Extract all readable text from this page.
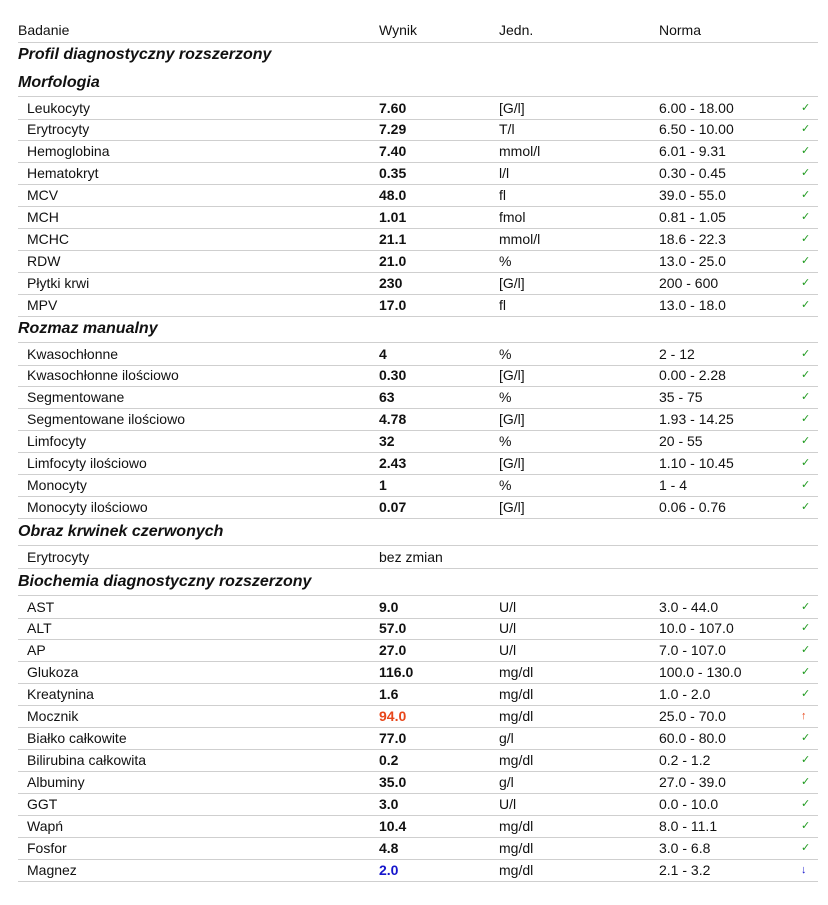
Badanie	Wynik	Jedn.	Norma
Profil diagnostyczny rozszerzony
Morfologia
Leukocyty	7.60	[G/l]	6.00 - 18.00	✓
Erytrocyty	7.29	T/l	6.50 - 10.00	✓
Hemoglobina	7.40	mmol/l	6.01 - 9.31	✓
Hematokryt	0.35	l/l	0.30 - 0.45	✓
MCV	48.0	fl	39.0 - 55.0	✓
MCH	1.01	fmol	0.81 - 1.05	✓
MCHC	21.1	mmol/l	18.6 - 22.3	✓
RDW	21.0	%	13.0 - 25.0	✓
Płytki krwi	230	[G/l]	200 - 600	✓
MPV	17.0	fl	13.0 - 18.0	✓
Rozmaz manualny
Kwasochłonne	4	%	2 - 12	✓
Kwasochłonne ilościowo	0.30	[G/l]	0.00 - 2.28	✓
Segmentowane	63	%	35 - 75	✓
Segmentowane ilościowo	4.78	[G/l]	1.93 - 14.25	✓
Limfocyty	32	%	20 - 55	✓
Limfocyty ilościowo	2.43	[G/l]	1.10 - 10.45	✓
Monocyty	1	%	1 - 4	✓
Monocyty ilościowo	0.07	[G/l]	0.06 - 0.76	✓
Obraz krwinek czerwonych
Erytrocyty	bez zmian
Biochemia diagnostyczny rozszerzony
AST	9.0	U/l	3.0 - 44.0	✓
ALT	57.0	U/l	10.0 - 107.0	✓
AP	27.0	U/l	7.0 - 107.0	✓
Glukoza	116.0	mg/dl	100.0 - 130.0	✓
Kreatynina	1.6	mg/dl	1.0 - 2.0	✓
Mocznik	94.0	mg/dl	25.0 - 70.0	↑
Białko całkowite	77.0	g/l	60.0 - 80.0	✓
Bilirubina całkowita	0.2	mg/dl	0.2 - 1.2	✓
Albuminy	35.0	g/l	27.0 - 39.0	✓
GGT	3.0	U/l	0.0 - 10.0	✓
Wapń	10.4	mg/dl	8.0 - 11.1	✓
Fosfor	4.8	mg/dl	3.0 - 6.8	✓
Magnez	2.0	mg/dl	2.1 - 3.2	↓
